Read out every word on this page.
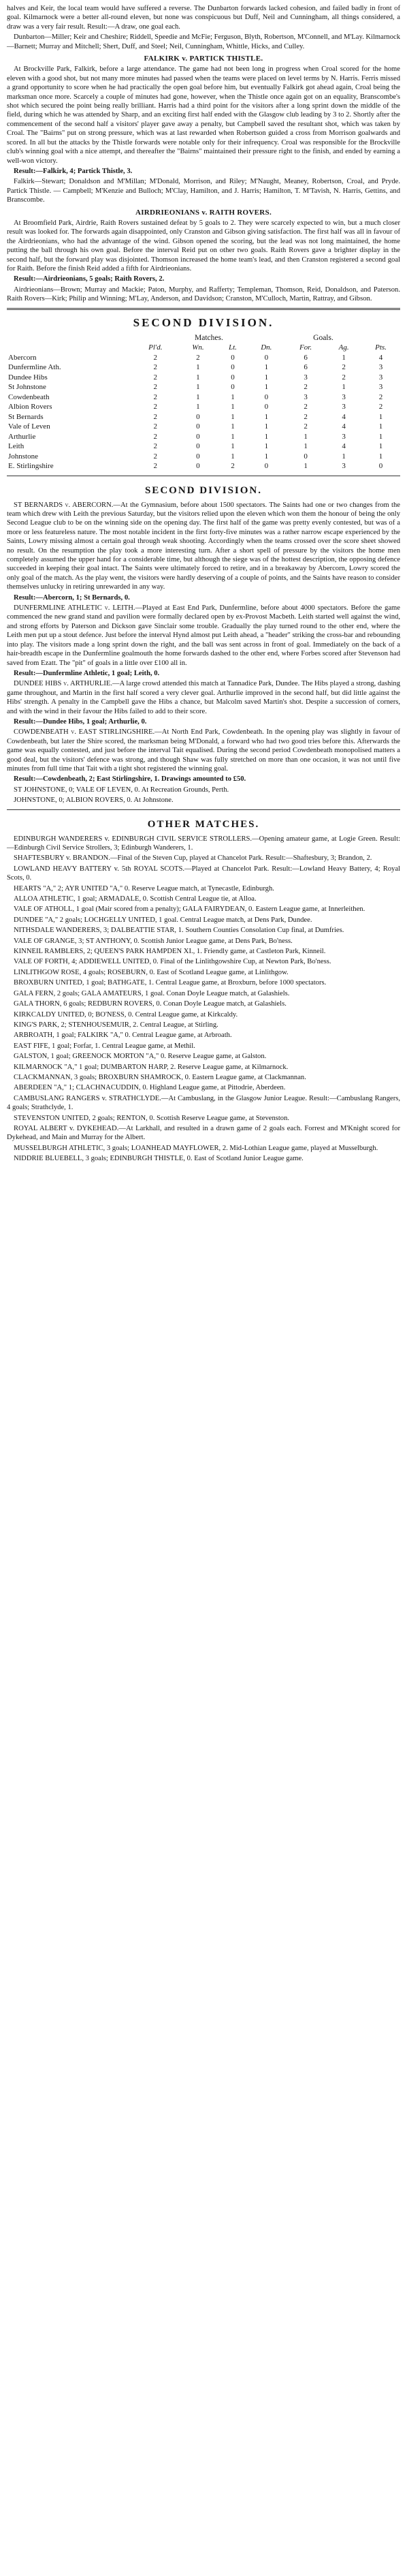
halves and Keir, the local team would have suffered a reverse. The Dunbarton forwards lacked cohesion, and failed badly in front of goal. Kilmarnock were a better all-round eleven, but none was conspicuous but Duff, Neil and Cunningham, all things considered, a draw was a very fair result. Result:—A draw, one goal each.

Dunbarton—Miller; Keir and Cheshire; Riddell, Speedie and McFie; Ferguson, Blyth, Robertson, M'Connell, and M'Lay. Kilmarnock—Barnett; Murray and Mitchell; Shert, Duff, and Steel; Neil, Cunningham, Whittle, Hicks, and Culley.

FALKIRK v. PARTICK THISTLE.

At Brockville Park, Falkirk, before a large attendance. The game had not been long in progress when Croal scored for the home eleven with a good shot, but not many more minutes had passed when the teams were placed on level terms by N. Harris. Ferris missed a grand opportunity to score when he had practically the open goal before him, but eventually Falkirk got ahead again, Croal being the marksman once more. Scarcely a couple of minutes had gone, however, when the Thistle once again got on an equality, Branscombe's shot which secured the point being really brilliant. Harris had a third point for the visitors after a long sprint down the middle of the field, during which he was attended by Sharp, and an exciting first half ended with the Glasgow club leading by 3 to 2. Shortly after the commencement of the second half a visitors' player gave away a penalty, but Campbell saved the resultant shot, which was taken by Croal. The "Bairns" put on strong pressure, which was at last rewarded when Robertson guided a cross from Morrison goalwards and scored. In all but the attacks by the Thistle forwards were notable only for their infrequency. Croal was responsible for the Brockville club's winning goal with a nice attempt, and thereafter the "Bairns" maintained their pressure right to the finish, and ended by earning a well-won victory.

Result:—Falkirk, 4; Partick Thistle, 3.

Falkirk—Stewart; Donaldson and M'Millan; M'Donald, Morrison, and Riley; M'Naught, Meaney, Robertson, Croal, and Pryde. Partick Thistle. — Campbell; M'Kenzie and Bulloch; M'Clay, Hamilton, and J. Harris; Hamilton, T. M'Tavish, N. Harris, Gettins, and Branscombe.

AIRDRIEONIANS v. RAITH ROVERS.

At Broomfield Park, Airdrie, Raith Rovers sustained defeat by 5 goals to 2. They were scarcely expected to win, but a much closer result was looked for. The forwards again disappointed, only Cranston and Gibson giving satisfaction. The first half was all in favour of the Airdrieonians, who had the advantage of the wind. Gibson opened the scoring, but the lead was not long maintained, the home putting the ball through his own goal. Before the interval Reid put on other two goals. Raith Rovers gave a brighter display in the second half, but the forward play was disjointed. Thomson increased the home team's lead, and then Cranston registered a second goal for Raith. Before the finish Reid added a fifth for Airdrieonians.

Result:—Airdrieonians, 5 goals; Raith Rovers, 2.

Airdrieonians—Brown; Murray and Mackie; Paton, Murphy, and Rafferty; Templeman, Thomson, Reid, Donaldson, and Paterson. Raith Rovers—Kirk; Philip and Winning; M'Lay, Anderson, and Davidson; Cranston, M'Culloch, Martin, Rattray, and Gibson.

SECOND DIVISION.
	Matches.				Goals.		
	Pl'd.	Wn.	Lt.	Dn.	For.	Ag.	Pts.
Abercorn	2	2	0	0	6	1	4
Dunfermline Ath.	2	1	0	1	6	2	3
Dundee Hibs	2	1	0	1	3	2	3
St Johnstone	2	1	0	1	2	1	3
Cowdenbeath	2	1	1	0	3	3	2
Albion Rovers	2	1	1	0	2	3	2
St Bernards	2	0	1	1	2	4	1
Vale of Leven	2	0	1	1	2	4	1
Arthurlie	2	0	1	1	1	3	1
Leith	2	0	1	1	1	4	1
Johnstone	2	0	1	1	0	1	1
E. Stirlingshire	2	0	2	0	1	3	0
SECOND DIVISION.

ST BERNARDS v. ABERCORN.—At the Gymnasium, before about 1500 spectators. The Saints had one or two changes from the team which drew with Leith the previous Saturday, but the visitors relied upon the eleven which won them the honour of being the only Second League club to be on the winning side on the opening day. The first half of the game was pretty evenly contested, but was of a more or less featureless nature. The most notable incident in the first forty-five minutes was a rather narrow escape experienced by the Saints, Lowry missing almost a certain goal through weak shooting. Accordingly when the teams crossed over the score sheet showed no result. On the resumption the play took a more interesting turn. After a short spell of pressure by the visitors the home men completely assumed the upper hand for a considerable time, but although the siege was of the hottest description, the opposing defence succeeded in keeping their goal intact. The Saints were ultimately forced to retire, and in a breakaway by Abercorn, Lowry scored the only goal of the match. As the play went, the visitors were hardly deserving of a couple of points, and the Saints have reason to consider themselves unlucky in retiring unrewarded in any way.

Result:—Abercorn, 1; St Bernards, 0.

DUNFERMLINE ATHLETIC v. LEITH.—Played at East End Park, Dunfermline, before about 4000 spectators. Before the game commenced the new grand stand and pavilion were formally declared open by ex-Provost Macbeth. Leith started well against the wind, and strong efforts by Paterson and Dickson gave Sinclair some trouble. Gradually the play turned round to the other end, where the Leith men put up a stout defence. Just before the interval Hynd almost put Leith ahead, a "header" striking the cross-bar and rebounding into play. The visitors made a long sprint down the right, and the ball was sent across in front of goal. Immediately on the back of a hair-breadth escape in the Dunfermline goalmouth the home forwards dashed to the other end, where Forbes scored after Stevenson had saved from Ezatt. The "pit" of goals in a little over £100 all in.

Result:—Dunfermline Athletic, 1 goal; Leith, 0.

DUNDEE HIBS v. ARTHURLIE.—A large crowd attended this match at Tannadice Park, Dundee. The Hibs played a strong, dashing game throughout, and Martin in the first half scored a very clever goal. Arthurlie improved in the second half, but did little against the Hibs' strength. A penalty in the Campbell gave the Hibs a chance, but Malcolm saved Martin's shot. Despite a succession of corners, and with the wind in their favour the Hibs failed to add to their score.

Result:—Dundee Hibs, 1 goal; Arthurlie, 0.

COWDENBEATH v. EAST STIRLINGSHIRE.—At North End Park, Cowdenbeath. In the opening play was slightly in favour of Cowdenbeath, but later the Shire scored, the marksman being M'Donald, a forward who had two good tries before this. Afterwards the game was equally contested, and just before the interval Tait equalised. During the second period Cowdenbeath monopolised matters a good deal, but the visitors' defence was strong, and though Shaw was fully stretched on more than one occasion, it was not until five minutes from full time that Tait with a tight shot registered the winning goal.

Result:—Cowdenbeath, 2; East Stirlingshire, 1. Drawings amounted to £50.

ST JOHNSTONE, 0; VALE OF LEVEN, 0. At Recreation Grounds, Perth.

JOHNSTONE, 0; ALBION ROVERS, 0. At Johnstone.

OTHER MATCHES.

EDINBURGH WANDERERS v. EDINBURGH CIVIL SERVICE STROLLERS.—Opening amateur game, at Logie Green. Result:—Edinburgh Civil Service Strollers, 3; Edinburgh Wanderers, 1.

SHAFTESBURY v. BRANDON.—Final of the Steven Cup, played at Chancelot Park. Result:—Shaftesbury, 3; Brandon, 2.

LOWLAND HEAVY BATTERY v. 5th ROYAL SCOTS.—Played at Chancelot Park. Result:—Lowland Heavy Battery, 4; Royal Scots, 0.

HEARTS "A," 2; AYR UNITED "A," 0. Reserve League match, at Tynecastle, Edinburgh.

ALLOA ATHLETIC, 1 goal; ARMADALE, 0. Scottish Central League tie, at Alloa.

VALE OF ATHOLL, 1 goal (Mair scored from a penalty); GALA FAIRYDEAN, 0. Eastern League game, at Innerleithen.

DUNDEE "A," 2 goals; LOCHGELLY UNITED, 1 goal. Central League match, at Dens Park, Dundee.

NITHSDALE WANDERERS, 3; DALBEATTIE STAR, 1. Southern Counties Consolation Cup final, at Dumfries.

VALE OF GRANGE, 3; ST ANTHONY, 0. Scottish Junior League game, at Dens Park, Bo'ness.

KINNEIL RAMBLERS, 2; QUEEN'S PARK HAMPDEN XI., 1. Friendly game, at Castleton Park, Kinneil.

VALE OF FORTH, 4; ADDIEWELL UNITED, 0. Final of the Linlithgowshire Cup, at Newton Park, Bo'ness.

LINLITHGOW ROSE, 4 goals; ROSEBURN, 0. East of Scotland League game, at Linlithgow.

BROXBURN UNITED, 1 goal; BATHGATE, 1. Central League game, at Broxburn, before 1000 spectators.

GALA FERN, 2 goals; GALA AMATEURS, 1 goal. Conan Doyle League match, at Galashiels.

GALA THORN, 6 goals; REDBURN ROVERS, 0. Conan Doyle League match, at Galashiels.

KIRKCALDY UNITED, 0; BO'NESS, 0. Central League game, at Kirkcaldy.

KING'S PARK, 2; STENHOUSEMUIR, 2. Central League, at Stirling.

ARBROATH, 1 goal; FALKIRK "A," 0. Central League game, at Arbroath.

EAST FIFE, 1 goal; Forfar, 1. Central League game, at Methil.

GALSTON, 1 goal; GREENOCK MORTON "A," 0. Reserve League game, at Galston.

KILMARNOCK "A," 1 goal; DUMBARTON HARP, 2. Reserve League game, at Kilmarnock.

CLACKMANNAN, 3 goals; BROXBURN SHAMROCK, 0. Eastern League game, at Clackmannan.

ABERDEEN "A," 1; CLACHNACUDDIN, 0. Highland League game, at Pittodrie, Aberdeen.

CAMBUSLANG RANGERS v. STRATHCLYDE.—At Cambuslang, in the Glasgow Junior League. Result:—Cambuslang Rangers, 4 goals; Strathclyde, 1.

STEVENSTON UNITED, 2 goals; RENTON, 0. Scottish Reserve League game, at Stevenston.

ROYAL ALBERT v. DYKEHEAD.—At Larkhall, and resulted in a drawn game of 2 goals each. Forrest and M'Knight scored for Dykehead, and Main and Murray for the Albert.

MUSSELBURGH ATHLETIC, 3 goals; LOANHEAD MAYFLOWER, 2. Mid-Lothian League game, played at Musselburgh.

NIDDRIE BLUEBELL, 3 goals; EDINBURGH THISTLE, 0. East of Scotland Junior League game.
